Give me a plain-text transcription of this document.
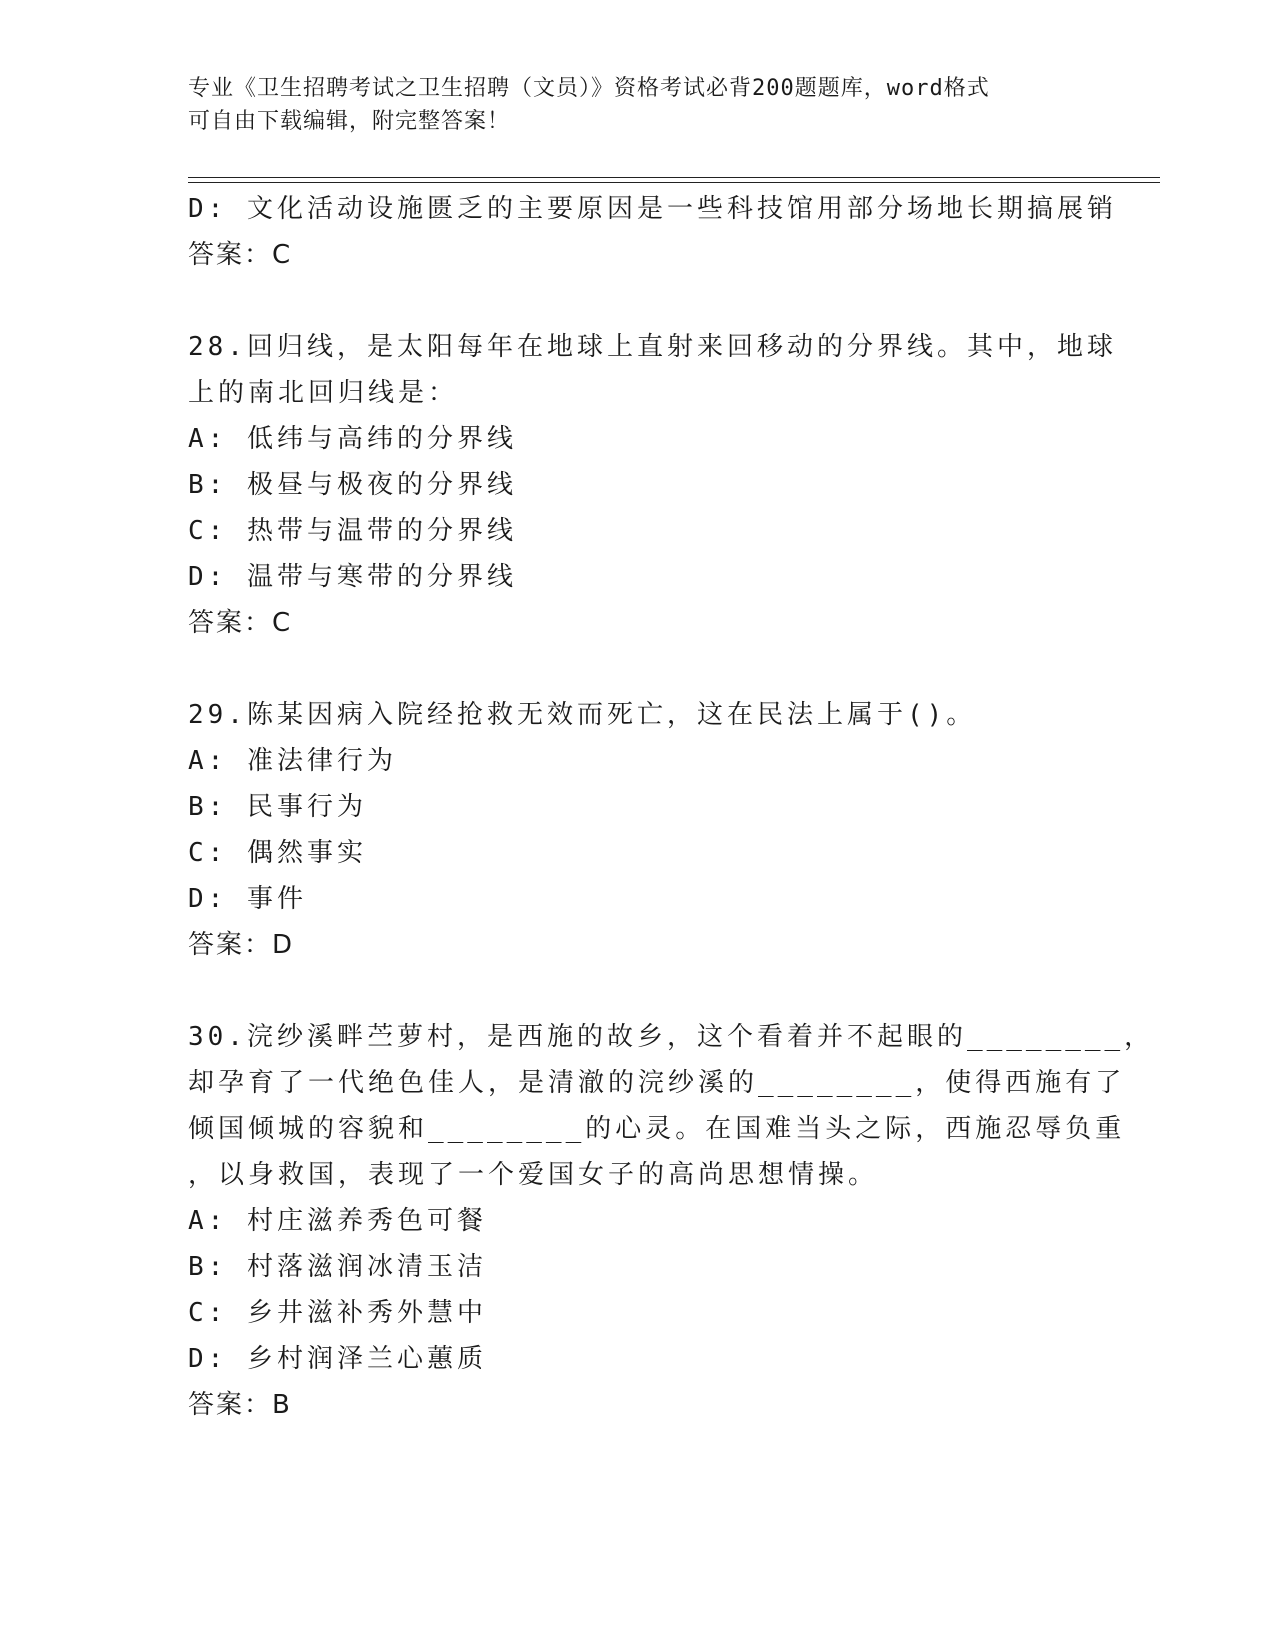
专业《卫生招聘考试之卫生招聘（文员）》资格考试必背200题题库，word格式
可自由下载编辑，附完整答案！
D: 文化活动设施匮乏的主要原因是一些科技馆用部分场地长期搞展销
答案：C
28.回归线，是太阳每年在地球上直射来回移动的分界线。其中，地球
上的南北回归线是：
A: 低纬与高纬的分界线
B: 极昼与极夜的分界线
C: 热带与温带的分界线
D: 温带与寒带的分界线
答案：C
29.陈某因病入院经抢救无效而死亡，这在民法上属于()。
A: 准法律行为
B: 民事行为
C: 偶然事实
D: 事件
答案：D
30.浣纱溪畔苎萝村，是西施的故乡，这个看着并不起眼的________，
却孕育了一代绝色佳人，是清澈的浣纱溪的________，使得西施有了
倾国倾城的容貌和________的心灵。在国难当头之际，西施忍辱负重
，以身救国，表现了一个爱国女子的高尚思想情操。
A: 村庄滋养秀色可餐
B: 村落滋润冰清玉洁
C: 乡井滋补秀外慧中
D: 乡村润泽兰心蕙质
答案：B
